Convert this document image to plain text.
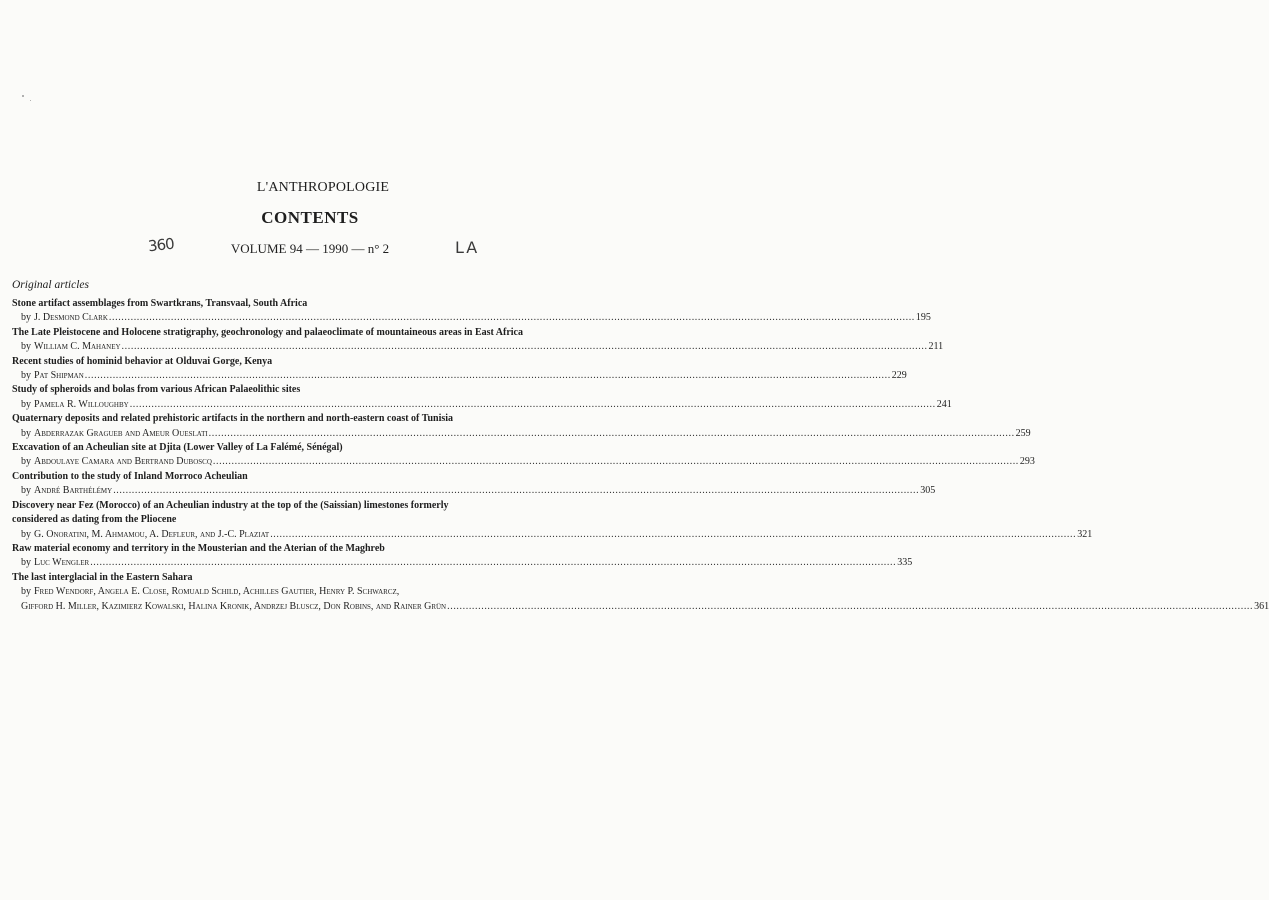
L'ANTHROPOLOGIE
CONTENTS
VOLUME 94 — 1990 — n° 2
360	LA
Original articles
Stone artifact assemblages from Swartkrans, Transvaal, South Africa
by J. Desmond Clark .................................................................................................................................................................................................................................................................... 195
The Late Pleistocene and Holocene stratigraphy, geochronology and palaeoclimate of mountaineous areas in East Africa
by William C. Mahaney .................................................................................................................................................................................................................................................................... 211
Recent studies of hominid behavior at Olduvai Gorge, Kenya
by Pat Shipman .................................................................................................................................................................................................................................................................... 229
Study of spheroids and bolas from various African Palaeolithic sites
by Pamela R. Willoughby .................................................................................................................................................................................................................................................................... 241
Quaternary deposits and related prehistoric artifacts in the northern and north-eastern coast of Tunisia
by Abderrazak Gragueb and Ameur Oueslati .................................................................................................................................................................................................................................................................... 259
Excavation of an Acheulian site at Djita (Lower Valley of La Falémé, Sénégal)
by Abdoulaye Camara and Bertrand Duboscq .................................................................................................................................................................................................................................................................... 293
Contribution to the study of Inland Morroco Acheulian
by André Barthélémy .................................................................................................................................................................................................................................................................... 305
Discovery near Fez (Morocco) of an Acheulian industry at the top of the (Saissian) limestones formerly
considered as dating from the Pliocene
by G. Onoratini, M. Ahmamou, A. Defleur, and J.-C. Plaziat .................................................................................................................................................................................................................................................................... 321
Raw material economy and territory in the Mousterian and the Aterian of the Maghreb
by Luc Wengler .................................................................................................................................................................................................................................................................... 335
The last interglacial in the Eastern Sahara
by Fred Wendorf, Angela E. Close, Romuald Schild, Achilles Gautier, Henry P. Schwarcz,
Gifford H. Miller, Kazimierz Kowalski, Halina Kronik, Andrzej Bluscz, Don Robins, and Rainer Grün .................................................................................................................................................................................................................................................................... 361
